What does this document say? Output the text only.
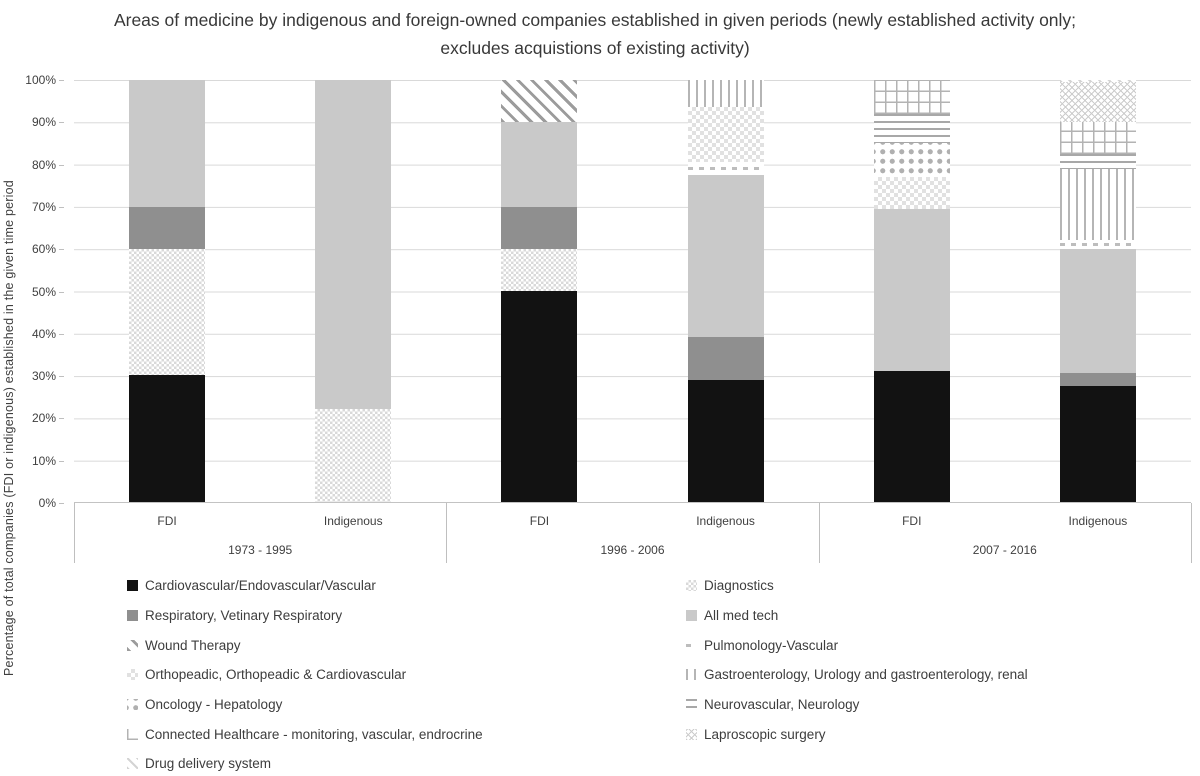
Areas of medicine by indigenous and foreign-owned companies established in given periods (newly established activity only; excludes acquistions of existing activity)
Percentage of total companies (FDI or indigenous) established in the given time period
100%
90%
80%
70%
60%
50%
40%
30%
20%
10%
0%
FDI	Indigenous	FDI	Indigenous	FDI	Indigenous
1973 - 1995	1996 - 2006	2007 - 2016
Cardiovascular/Endovascular/Vascular
Respiratory, Vetinary Respiratory
Wound Therapy
Orthopeadic, Orthopeadic & Cardiovascular
Oncology - Hepatology
Connected Healthcare - monitoring, vascular, endrocrine
Drug delivery system
Diagnostics
All med tech
Pulmonology-Vascular
Gastroenterology, Urology and gastroenterology, renal
Neurovascular, Neurology
Laproscopic surgery
